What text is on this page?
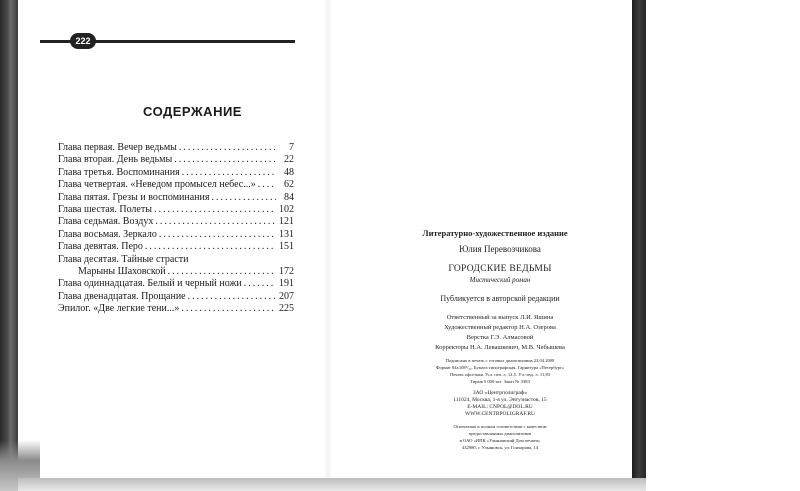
222
СОДЕРЖАНИЕ
Глава первая. Вечер ведьмы .....	7
Глава вторая. День ведьмы .....	22
Глава третья. Воспоминания .....	48
Глава четвертая. «Неведом промысел небес...» .....	62
Глава пятая. Грезы и воспоминания .....	84
Глава шестая. Полеты .....	102
Глава седьмая. Воздух .....	121
Глава восьмая. Зеркало .....	131
Глава девятая. Перо .....	151
Глава десятая. Тайные страсти
Марыны Шаховской .....	172
Глава одиннадцатая. Белый и черный ножи .....	191
Глава двенадцатая. Прощание .....	207
Эпилог. «Две легкие тени...» .....	225
Литературно-художественное издание
Юлия Перевозчикова
ГОРОДСКИЕ ВЕДЬМЫ
Мистический роман
Публикуется в авторской редакции
Ответственный за выпуск Л.И. Яшина
Художественный редактор Н.А. Озерова
Верстка Г.Э. Алмасовой
Корректоры Н.А. Левашкевич, М.В. Чебышева
Подписано в печать с готовых диапозитивов 23.04.2008
Формат 84x108¹/₃₂. Бумага типографская. Гарнитура «Петербург»
Печать офсетная. Усл. печ. л. 12,5. Уч.-изд. л. 11,83
Тираж 5 000 экз. Заказ № 3383
ЗАО «Центрполиграф»
111024, Москва, 1-я ул. Энтузиастов, 15
E-MAIL: CNPOL@DOL.RU
WWW.CENTRPOLIGRAF.RU
Отпечатано в полном соответствии с качеством
предоставленных диапозитивов
в ОАО «ИПК «Ульяновский Дом печати»
432980, г. Ульяновск, ул. Гончарова, 14
